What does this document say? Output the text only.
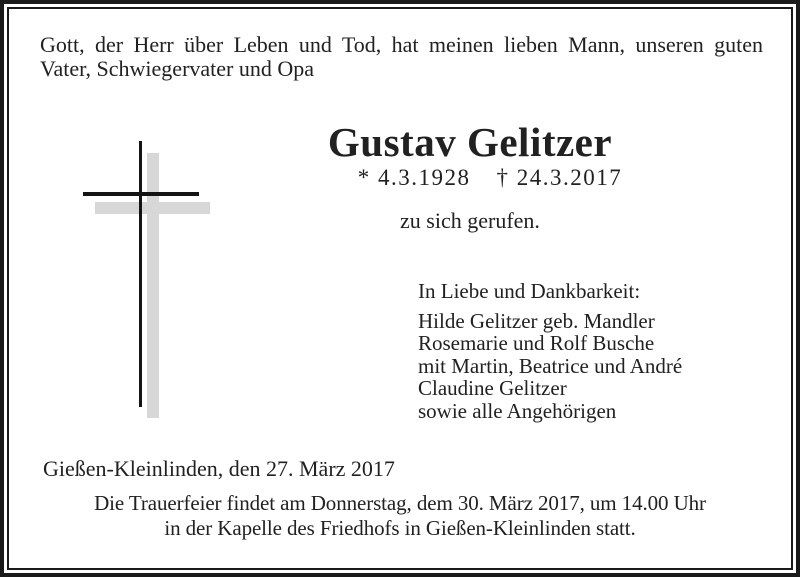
Gott, der Herr über Leben und Tod, hat meinen lieben Mann, unseren guten
Vater, Schwiegervater und Opa
Gustav Gelitzer
* 4.3.1928 † 24.3.2017
zu sich gerufen.
In Liebe und Dankbarkeit:
Hilde Gelitzer geb. Mandler
Rosemarie und Rolf Busche
mit Martin, Beatrice und André
Claudine Gelitzer
sowie alle Angehörigen
Gießen-Kleinlinden, den 27. März 2017
Die Trauerfeier findet am Donnerstag, dem 30. März 2017, um 14.00 Uhr
in der Kapelle des Friedhofs in Gießen-Kleinlinden statt.
